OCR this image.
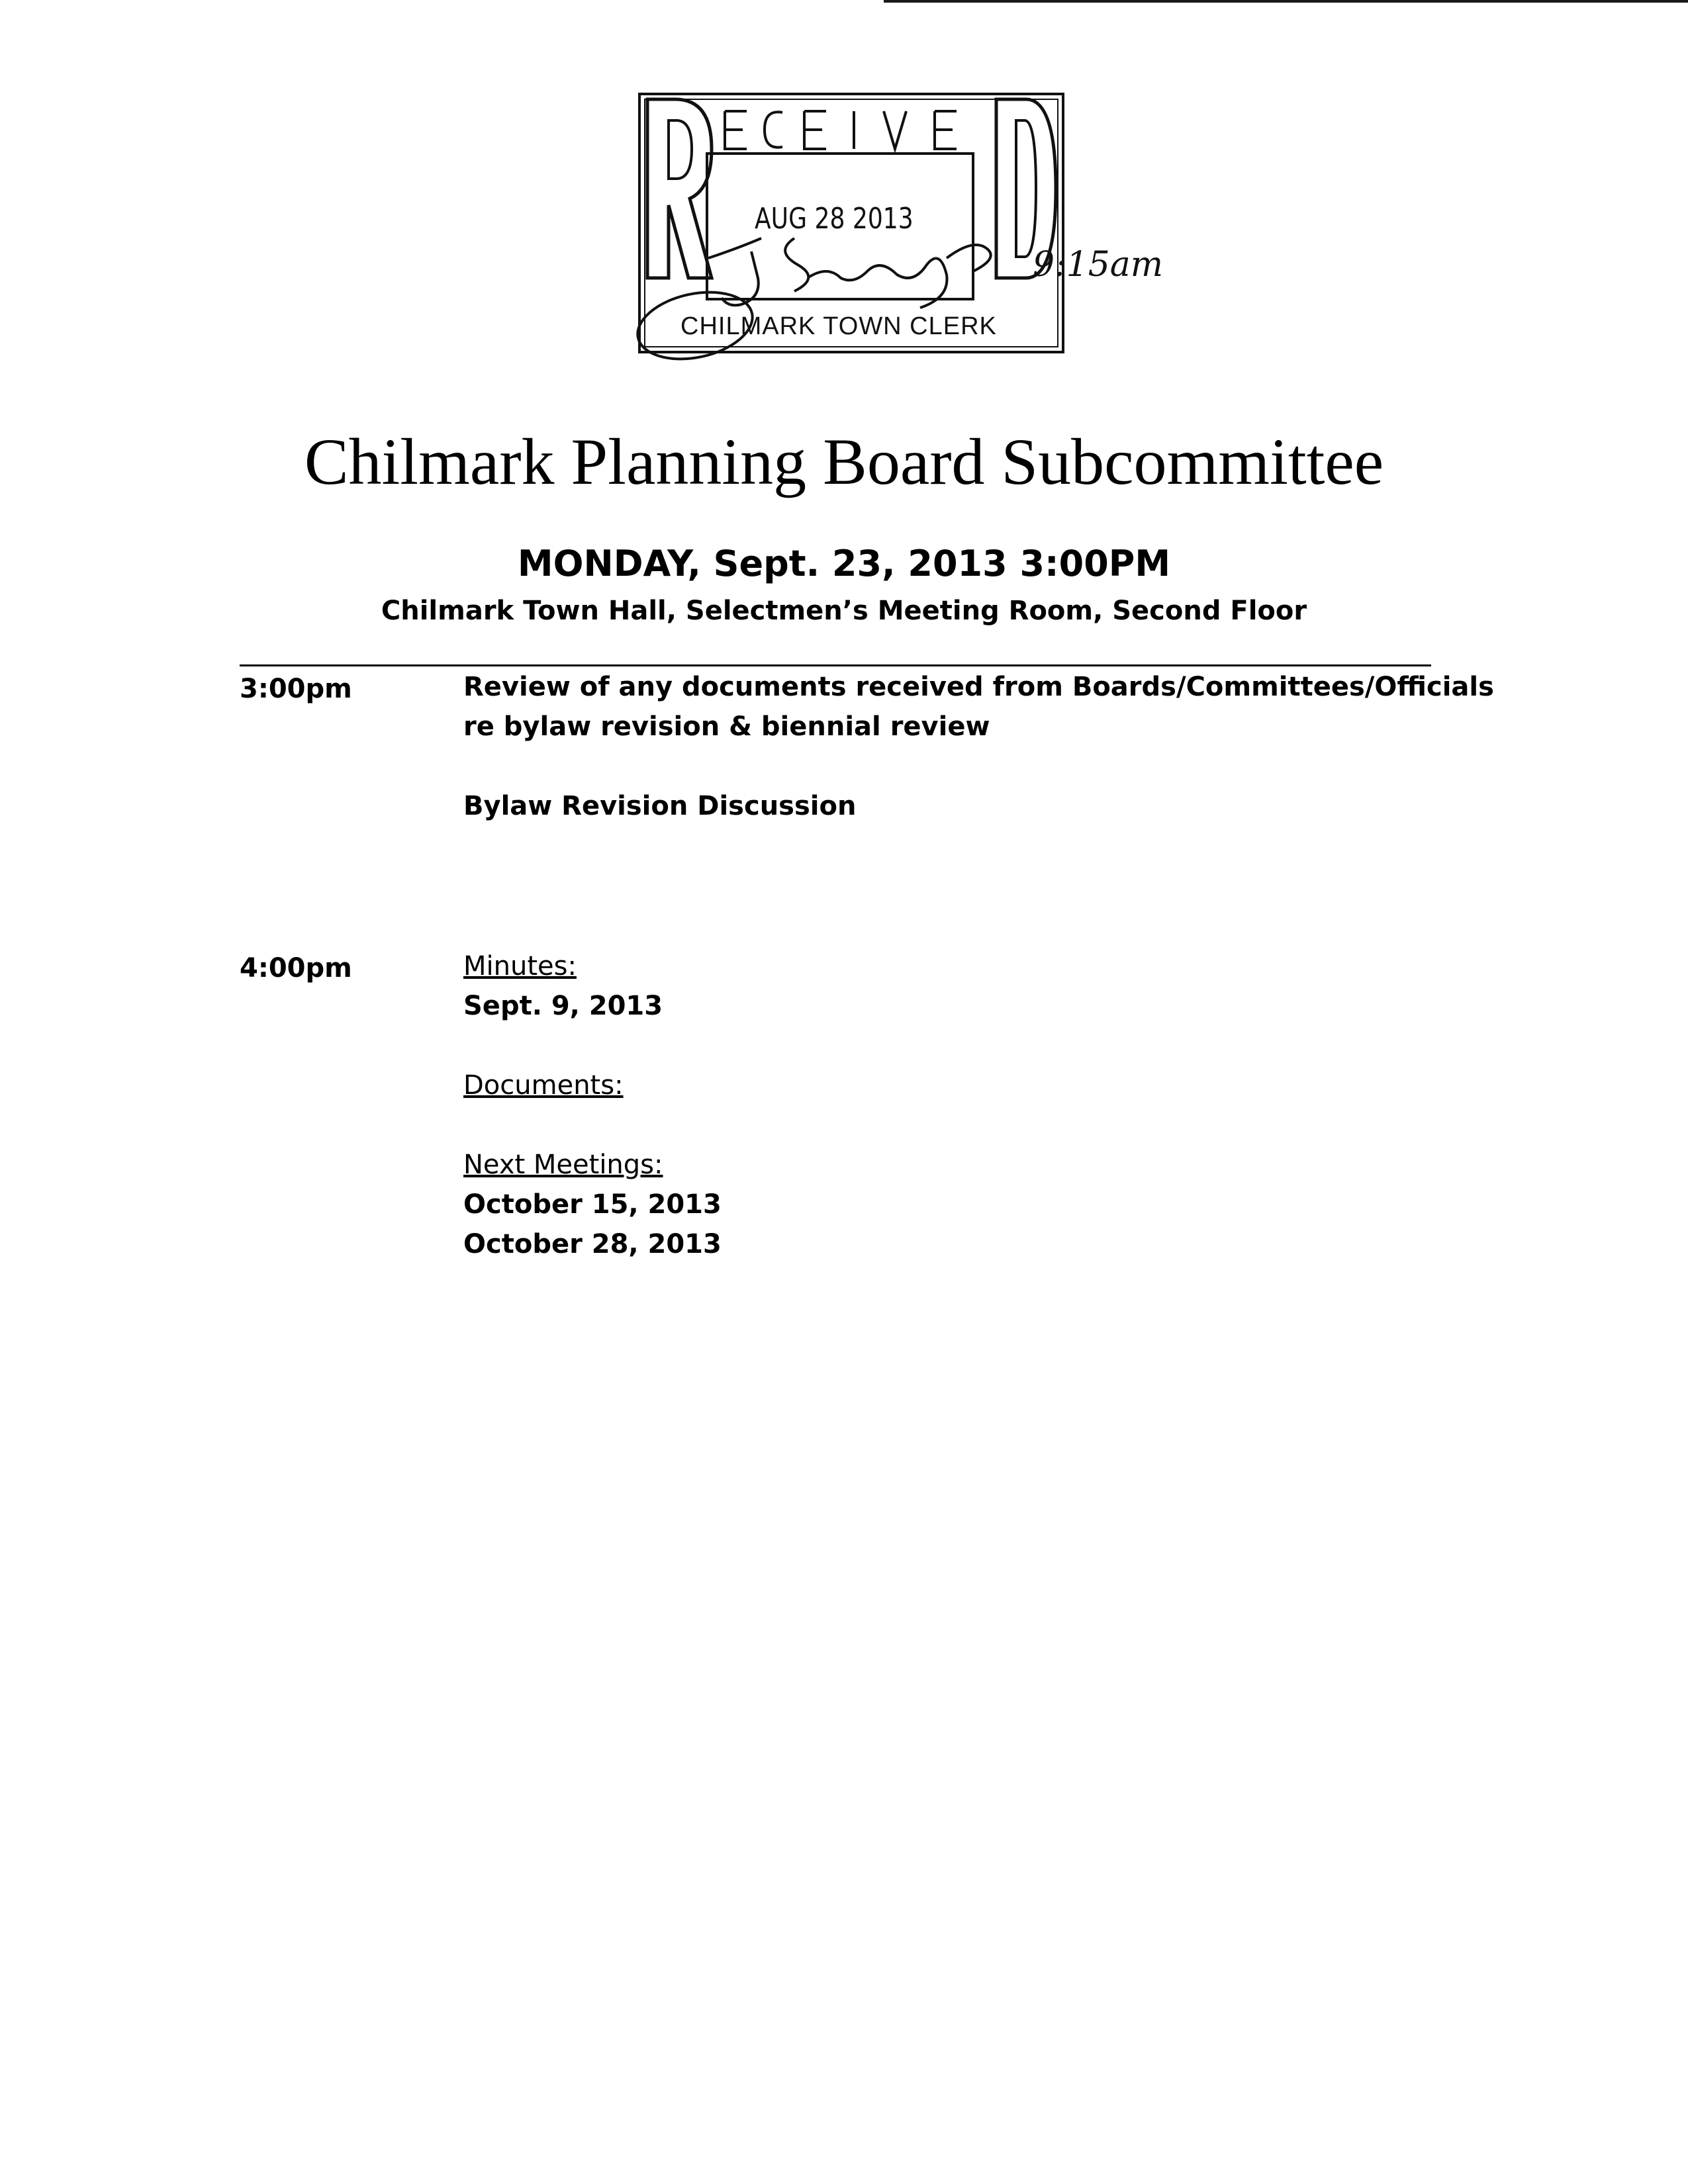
AUG 28 2013
CHILMARK TOWN CLERK
9:15am
Chilmark Planning Board Subcommittee
MONDAY, Sept. 23, 2013 3:00PM
Chilmark Town Hall, Selectmen’s Meeting Room, Second Floor
3:00pm	Review of any documents received from Boards/Committees/Officials
re bylaw revision & biennial review
Bylaw Revision Discussion
4:00pm	Minutes:
Sept. 9, 2013
Documents:
Next Meetings:
October 15, 2013
October 28, 2013
